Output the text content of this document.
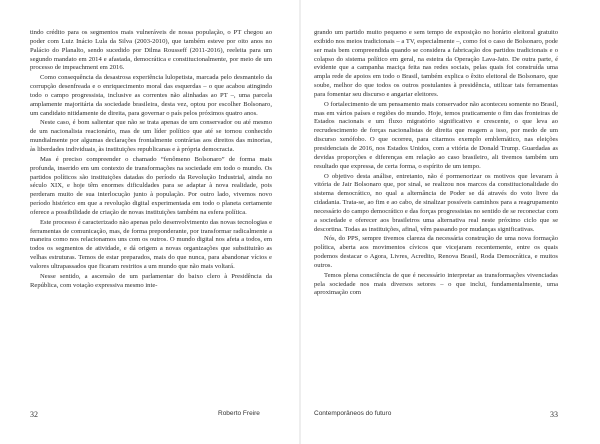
tindo crédito para os segmentos mais vulneráveis de nossa população, o PT chegou ao poder com Luiz Inácio Lula da Silva (2003-2010), que também esteve por oito anos no Palácio do Planalto, sendo sucedido por Dilma Rousseff (2011-2016), reeleita para um segundo mandato em 2014 e afastada, democrática e constitucionalmente, por meio de um processo de impeachment em 2016.

Como consequência da desastrosa experiência lulopetista, marcada pelo desmantelo da corrupção desenfreada e o enriquecimento moral das esquerdas – o que acabou atingindo todo o campo progressista, inclusive as correntes não alinhadas ao PT –, uma parcela amplamente majoritária da sociedade brasileira, desta vez, optou por escolher Bolsonaro, um candidato nitidamente de direita, para governar o país pelos próximos quatro anos.

Neste caso, é bom salientar que não se trata apenas de um conservador ou até mesmo de um nacionalista reacionário, mas de um líder político que até se tornou conhecido mundialmente por algumas declarações frontalmente contrárias aos direitos das minorias, às liberdades individuais, às instituições republicanas e à própria democracia.

Mas é preciso compreender o chamado “fenômeno Bolsonaro” de forma mais profunda, inserido em um contexto de transformações na sociedade em todo o mundo. Os partidos políticos são instituições datadas do período da Revolução Industrial, ainda no século XIX, e hoje têm enormes dificuldades para se adaptar à nova realidade, pois perderam muito de sua interlocução junto à população. Por outro lado, vivemos novo período histórico em que a revolução digital experimentada em todo o planeta certamente oferece a possibilidade de criação de novas instituições também na esfera política.

Este processo é caracterizado não apenas pelo desenvolvimento das novas tecnologias e ferramentas de comunicação, mas, de forma preponderante, por transformar radicalmente a maneira como nos relacionamos uns com os outros. O mundo digital nos afeta a todos, em todos os segmentos de atividade, e dá origem a novas organizações que substituirão as velhas estruturas. Temos de estar preparados, mais do que nunca, para abandonar vícios e valores ultrapassados que ficaram restritos a um mundo que não mais voltará.

Nesse sentido, a ascensão de um parlamentar do baixo clero à Presidência da República, com votação expressiva mesmo inte-

32	Roberto Freire

grando um partido muito pequeno e sem tempo de exposição no horário eleitoral gratuito exibido nos meios tradicionais – a TV, especialmente –, como foi o caso de Bolsonaro, pode ser mais bem compreendida quando se considera a fabricação dos partidos tradicionais e o colapso do sistema político em geral, na esteira da Operação Lava-Jato. De outra parte, é evidente que a campanha maciça feita nas redes sociais, pelas quais foi construída uma ampla rede de apoios em todo o Brasil, também explica o êxito eleitoral de Bolsonaro, que soube, melhor do que todos os outros postulantes à presidência, utilizar tais ferramentas para fomentar seu discurso e angariar eleitores.

O fortalecimento de um pensamento mais conservador não aconteceu somente no Brasil, mas em vários países e regiões do mundo. Hoje, temos praticamente o fim das fronteiras de Estados nacionais e um fluxo migratório significativo e crescente, o que leva ao recrudescimento de forças nacionalistas de direita que reagem a isso, por medo de um discurso xenófobo. O que ocorreu, para citarmos exemplo emblemático, nas eleições presidenciais de 2016, nos Estados Unidos, com a vitória de Donald Trump. Guardadas as devidas proporções e diferenças em relação ao caso brasileiro, ali tivemos também um resultado que expressa, de certa forma, o espírito de um tempo.

O objetivo desta análise, entretanto, não é pormenorizar os motivos que levaram à vitória de Jair Bolsonaro que, por sinal, se realizou nos marcos da constitucionalidade do sistema democrático, no qual a alternância de Poder se dá através do voto livre da cidadania. Trata-se, ao fim e ao cabo, de sinalizar possíveis caminhos para a reagrupamento necessário do campo democrático e das forças progressistas no sentido de se reconectar com a sociedade e oferecer aos brasileiros uma alternativa real neste próximo ciclo que se descortina. Todas as instituições, afinal, vêm passando por mudanças significativas.

Nós, do PPS, sempre tivemos clareza da necessária construção de uma nova formação política, aberta aos movimentos cívicos que vicejaram recentemente, entre os quais podemos destacar o Agora, Livres, Acredito, Renova Brasil, Roda Democrática, e muitos outros.

Temos plena consciência de que é necessário interpretar as transformações vivenciadas pela sociedade nos mais diversos setores – o que inclui, fundamentalmente, uma aproximação com

Contemporâneos do futuro	33
